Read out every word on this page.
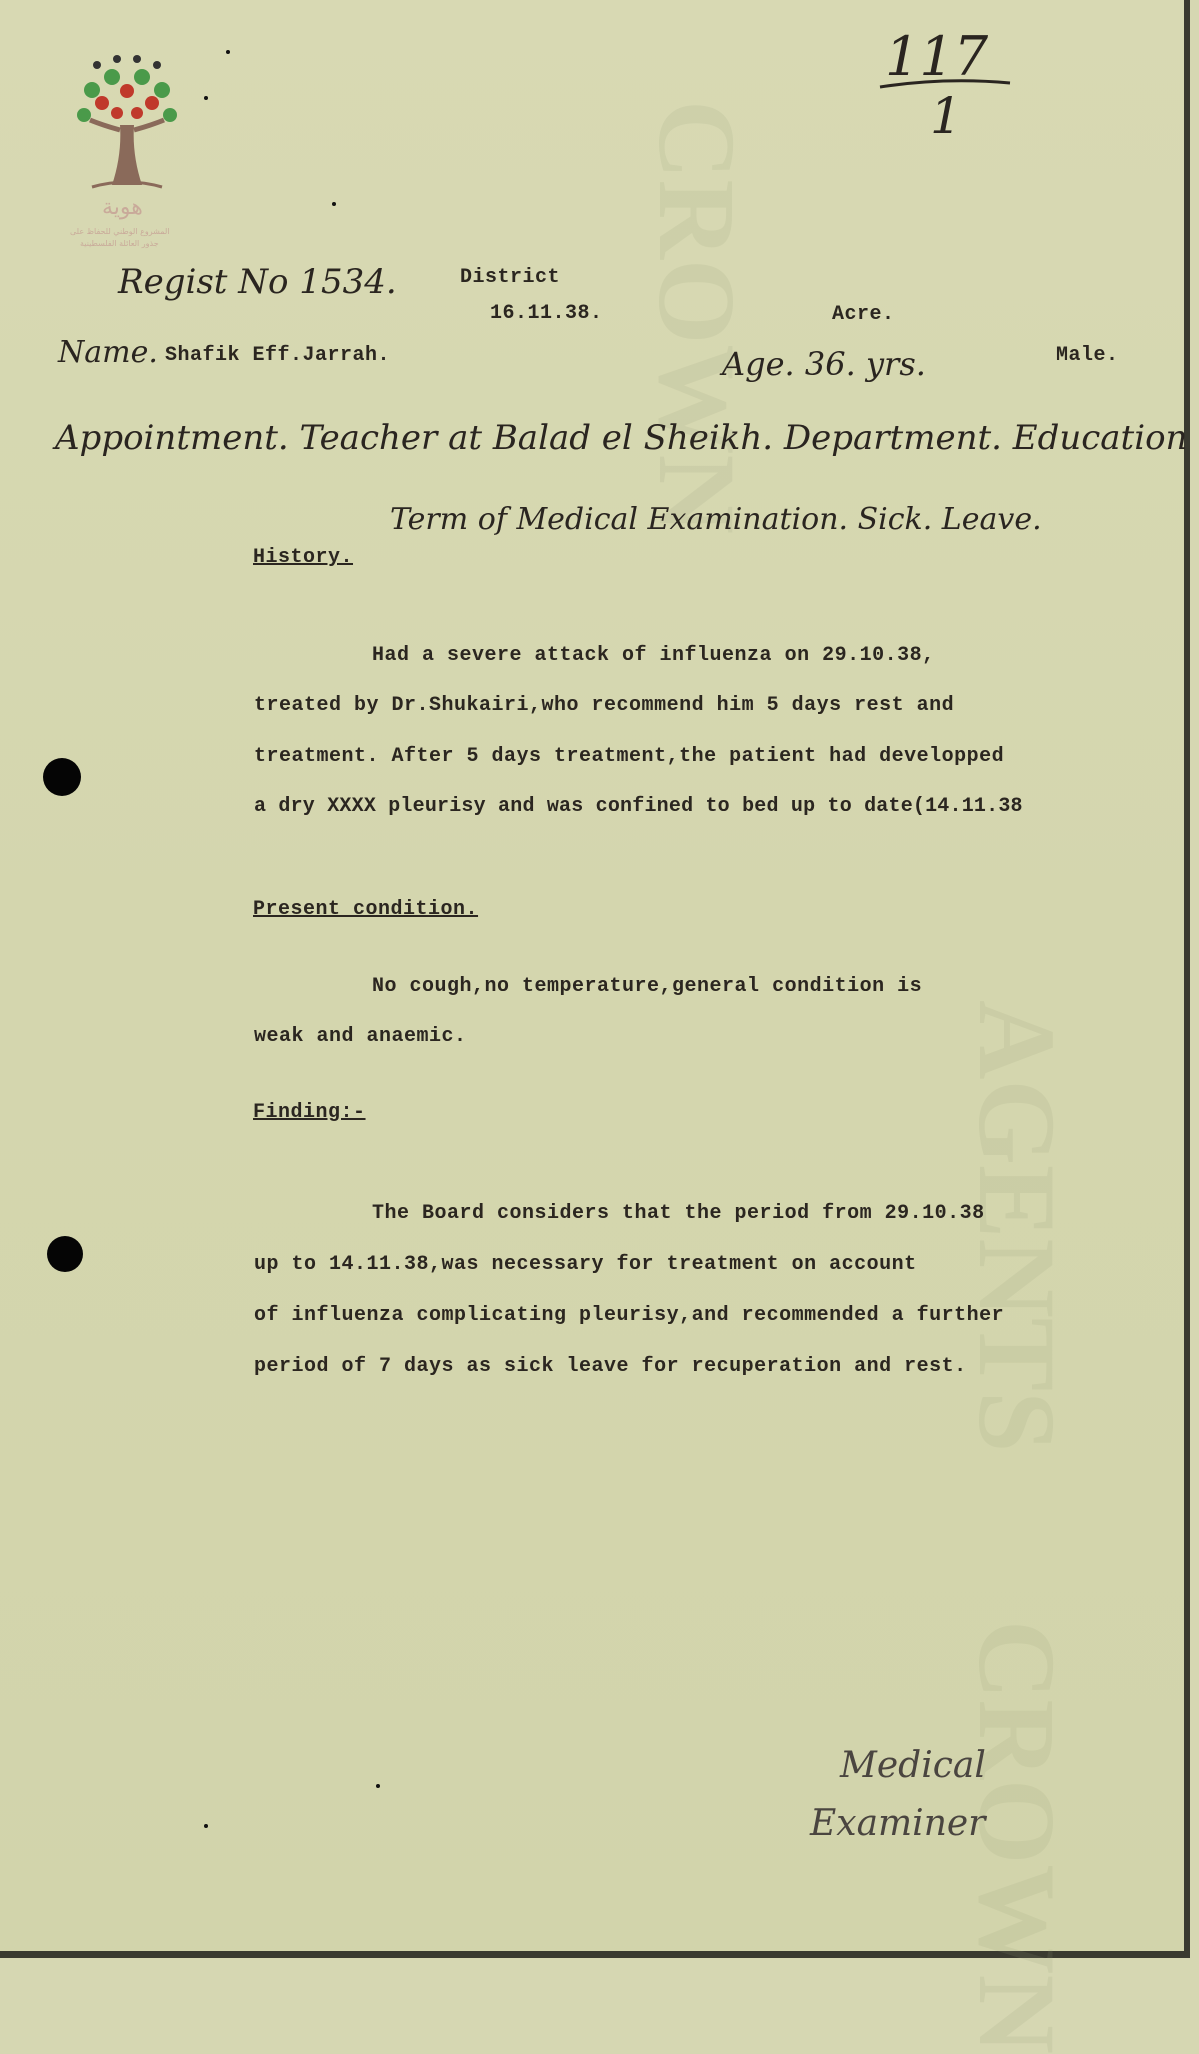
CROWN
AGENTS
CROWN
هوية
المشروع الوطني للحفاظ على
جذور العائلة الفلسطينية
117
1
Regist No 1534.	District
16.11.38.	Acre.
Name. Shafik Eff.Jarrah.	Age. 36. yrs.	Male.
Appointment. Teacher at Balad el Sheikh. Department. Education
Term of Medical Examination. Sick. Leave.
History.
Had a severe attack of influenza on 29.10.38,
treated by Dr.Shukairi,who recommend him 5 days rest and
treatment. After 5 days treatment,the patient had developped
a dry XXXX pleurisy and was confined to bed up to date(14.11.38
Present condition.
No cough,no temperature,general condition is
weak and anaemic.
Finding:-
The Board considers that the period from 29.10.38
up to 14.11.38,was necessary for treatment on account
of influenza complicating pleurisy,and recommended a further
period of 7 days as sick leave for recuperation and rest.
Medical
Examiner
